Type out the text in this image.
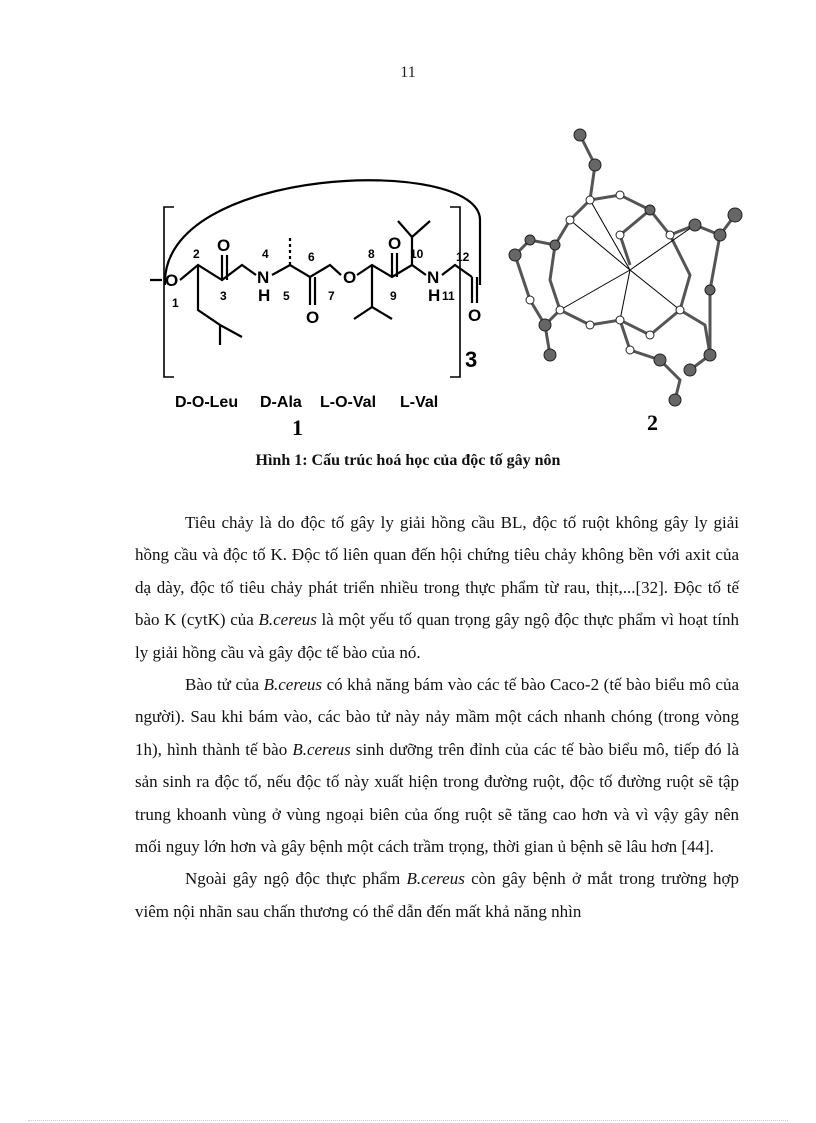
11
O
O
N
H
O
O
O
N
H
O
3
1
2
3
4
5
6
7
8
9
10
11
12
D-O-Leu D-Ala L-O-Val L-Val
1	2
Hình 1: Cấu trúc hoá học của độc tố gây nôn

Tiêu chảy là do độc tố gây ly giải hồng cầu BL, độc tố ruột không gây ly giải hồng cầu và độc tố K. Độc tố liên quan đến hội chứng tiêu chảy không bền với axit của dạ dày, độc tố tiêu chảy phát triển nhiều trong thực phẩm từ rau, thịt,...[32]. Độc tố tế bào K (cytK) của B.cereus là một yếu tố quan trọng gây ngộ độc thực phẩm vì hoạt tính ly giải hồng cầu và gây độc tế bào của nó.

Bào tử của B.cereus có khả năng bám vào các tế bào Caco-2 (tế bào biểu mô của người). Sau khi bám vào, các bào tử này nảy mầm một cách nhanh chóng (trong vòng 1h), hình thành tế bào B.cereus sinh dưỡng trên đỉnh của các tế bào biểu mô, tiếp đó là sản sinh ra độc tố, nếu độc tố này xuất hiện trong đường ruột, độc tố đường ruột sẽ tập trung khoanh vùng ở vùng ngoại biên của ống ruột sẽ tăng cao hơn và vì vậy gây nên mối nguy lớn hơn và gây bệnh một cách trầm trọng, thời gian ủ bệnh sẽ lâu hơn [44].

Ngoài gây ngộ độc thực phẩm B.cereus còn gây bệnh ở mắt trong trường hợp viêm nội nhãn sau chấn thương có thể dẫn đến mất khả năng nhìn
